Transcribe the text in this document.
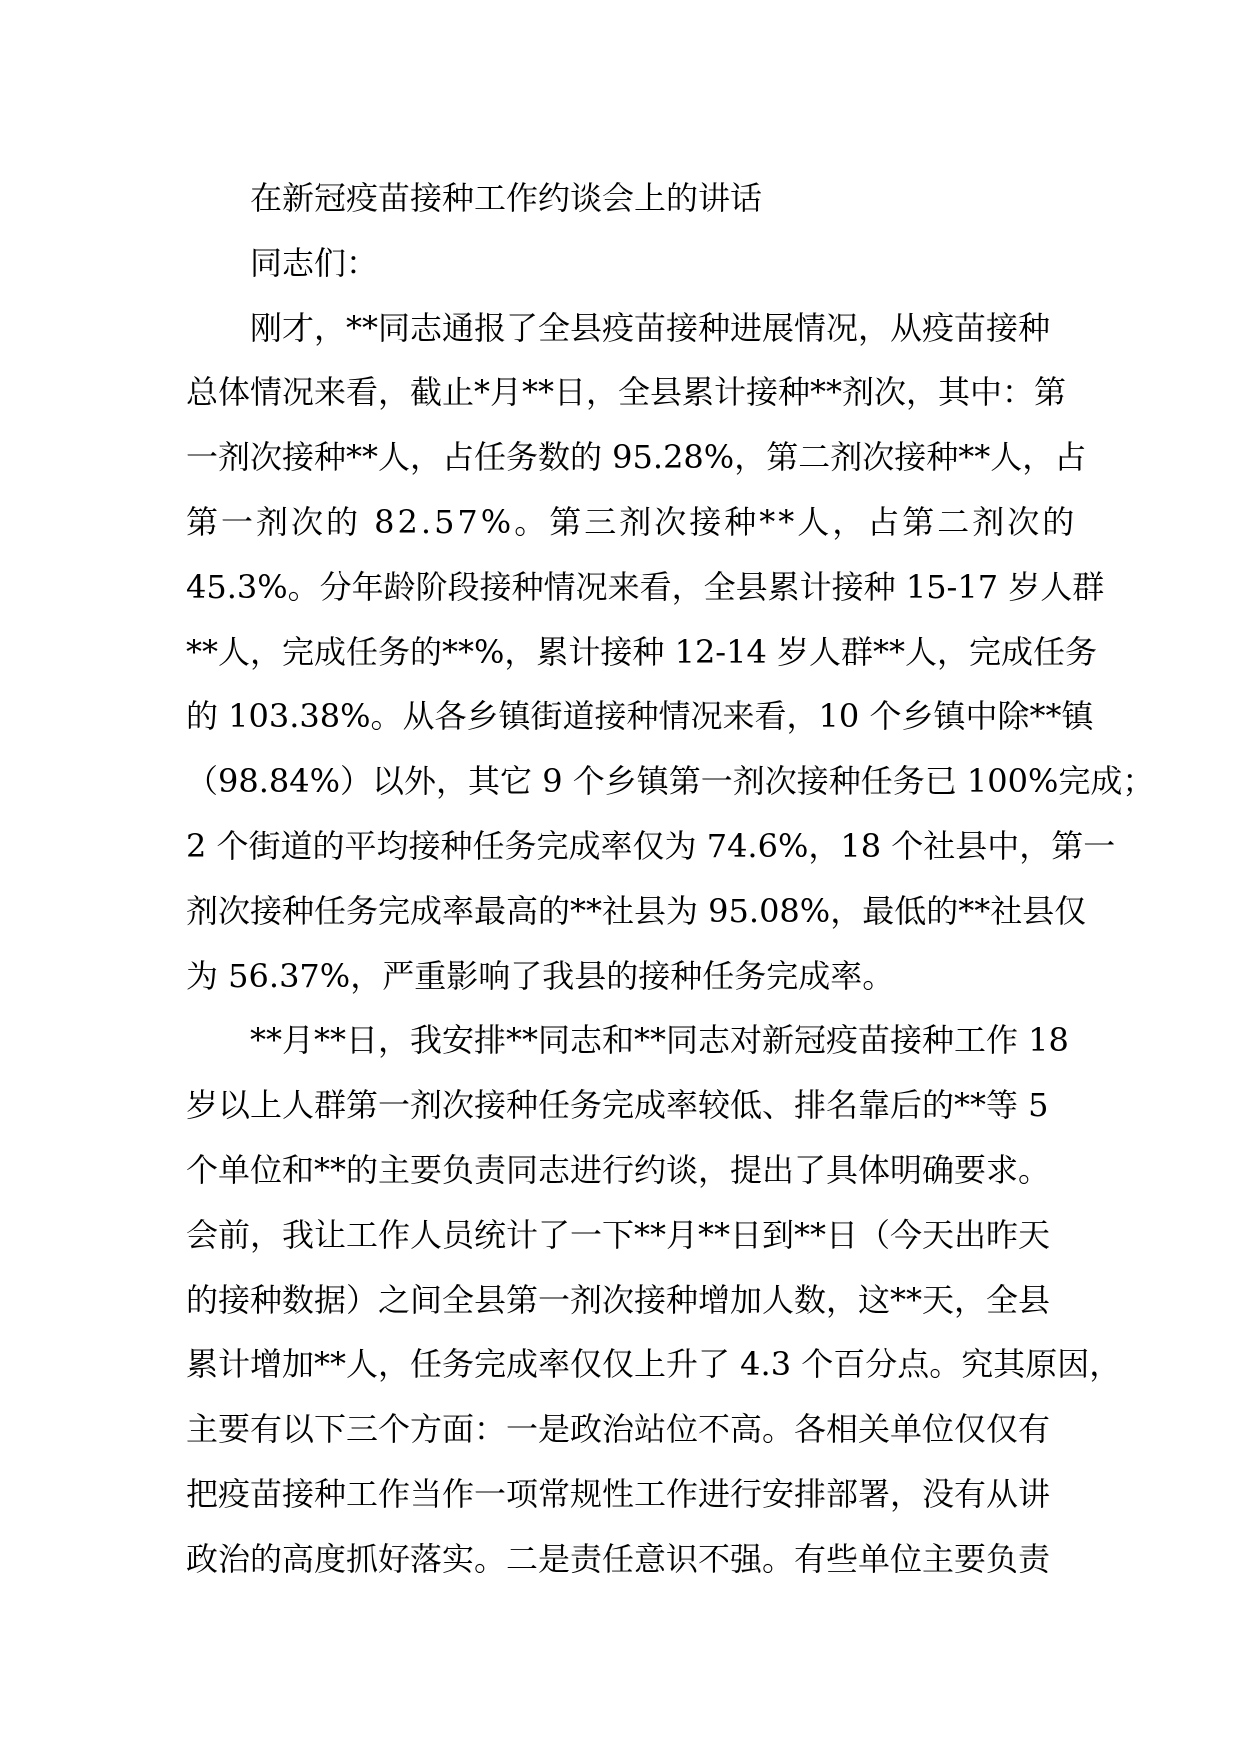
在新冠疫苗接种工作约谈会上的讲话
同志们：
刚才，**同志通报了全县疫苗接种进展情况，从疫苗接种
总体情况来看，截止*月**日，全县累计接种**剂次，其中：第
一剂次接种**人，占任务数的 95.28%，第二剂次接种**人，占
第一剂次的 82.57%。第三剂次接种**人，占第二剂次的
45.3%。分年龄阶段接种情况来看，全县累计接种 15-17 岁人群
**人，完成任务的**%，累计接种 12-14 岁人群**人，完成任务
的 103.38%。从各乡镇街道接种情况来看，10 个乡镇中除**镇
（98.84%）以外，其它 9 个乡镇第一剂次接种任务已 100%完成；
2 个街道的平均接种任务完成率仅为 74.6%，18 个社县中，第一
剂次接种任务完成率最高的**社县为 95.08%，最低的**社县仅
为 56.37%，严重影响了我县的接种任务完成率。
**月**日，我安排**同志和**同志对新冠疫苗接种工作 18
岁以上人群第一剂次接种任务完成率较低、排名靠后的**等 5
个单位和**的主要负责同志进行约谈，提出了具体明确要求。
会前，我让工作人员统计了一下**月**日到**日（今天出昨天
的接种数据）之间全县第一剂次接种增加人数，这**天，全县
累计增加**人，任务完成率仅仅上升了 4.3 个百分点。究其原因，
主要有以下三个方面：一是政治站位不高。各相关单位仅仅有
把疫苗接种工作当作一项常规性工作进行安排部署，没有从讲
政治的高度抓好落实。二是责任意识不强。有些单位主要负责
